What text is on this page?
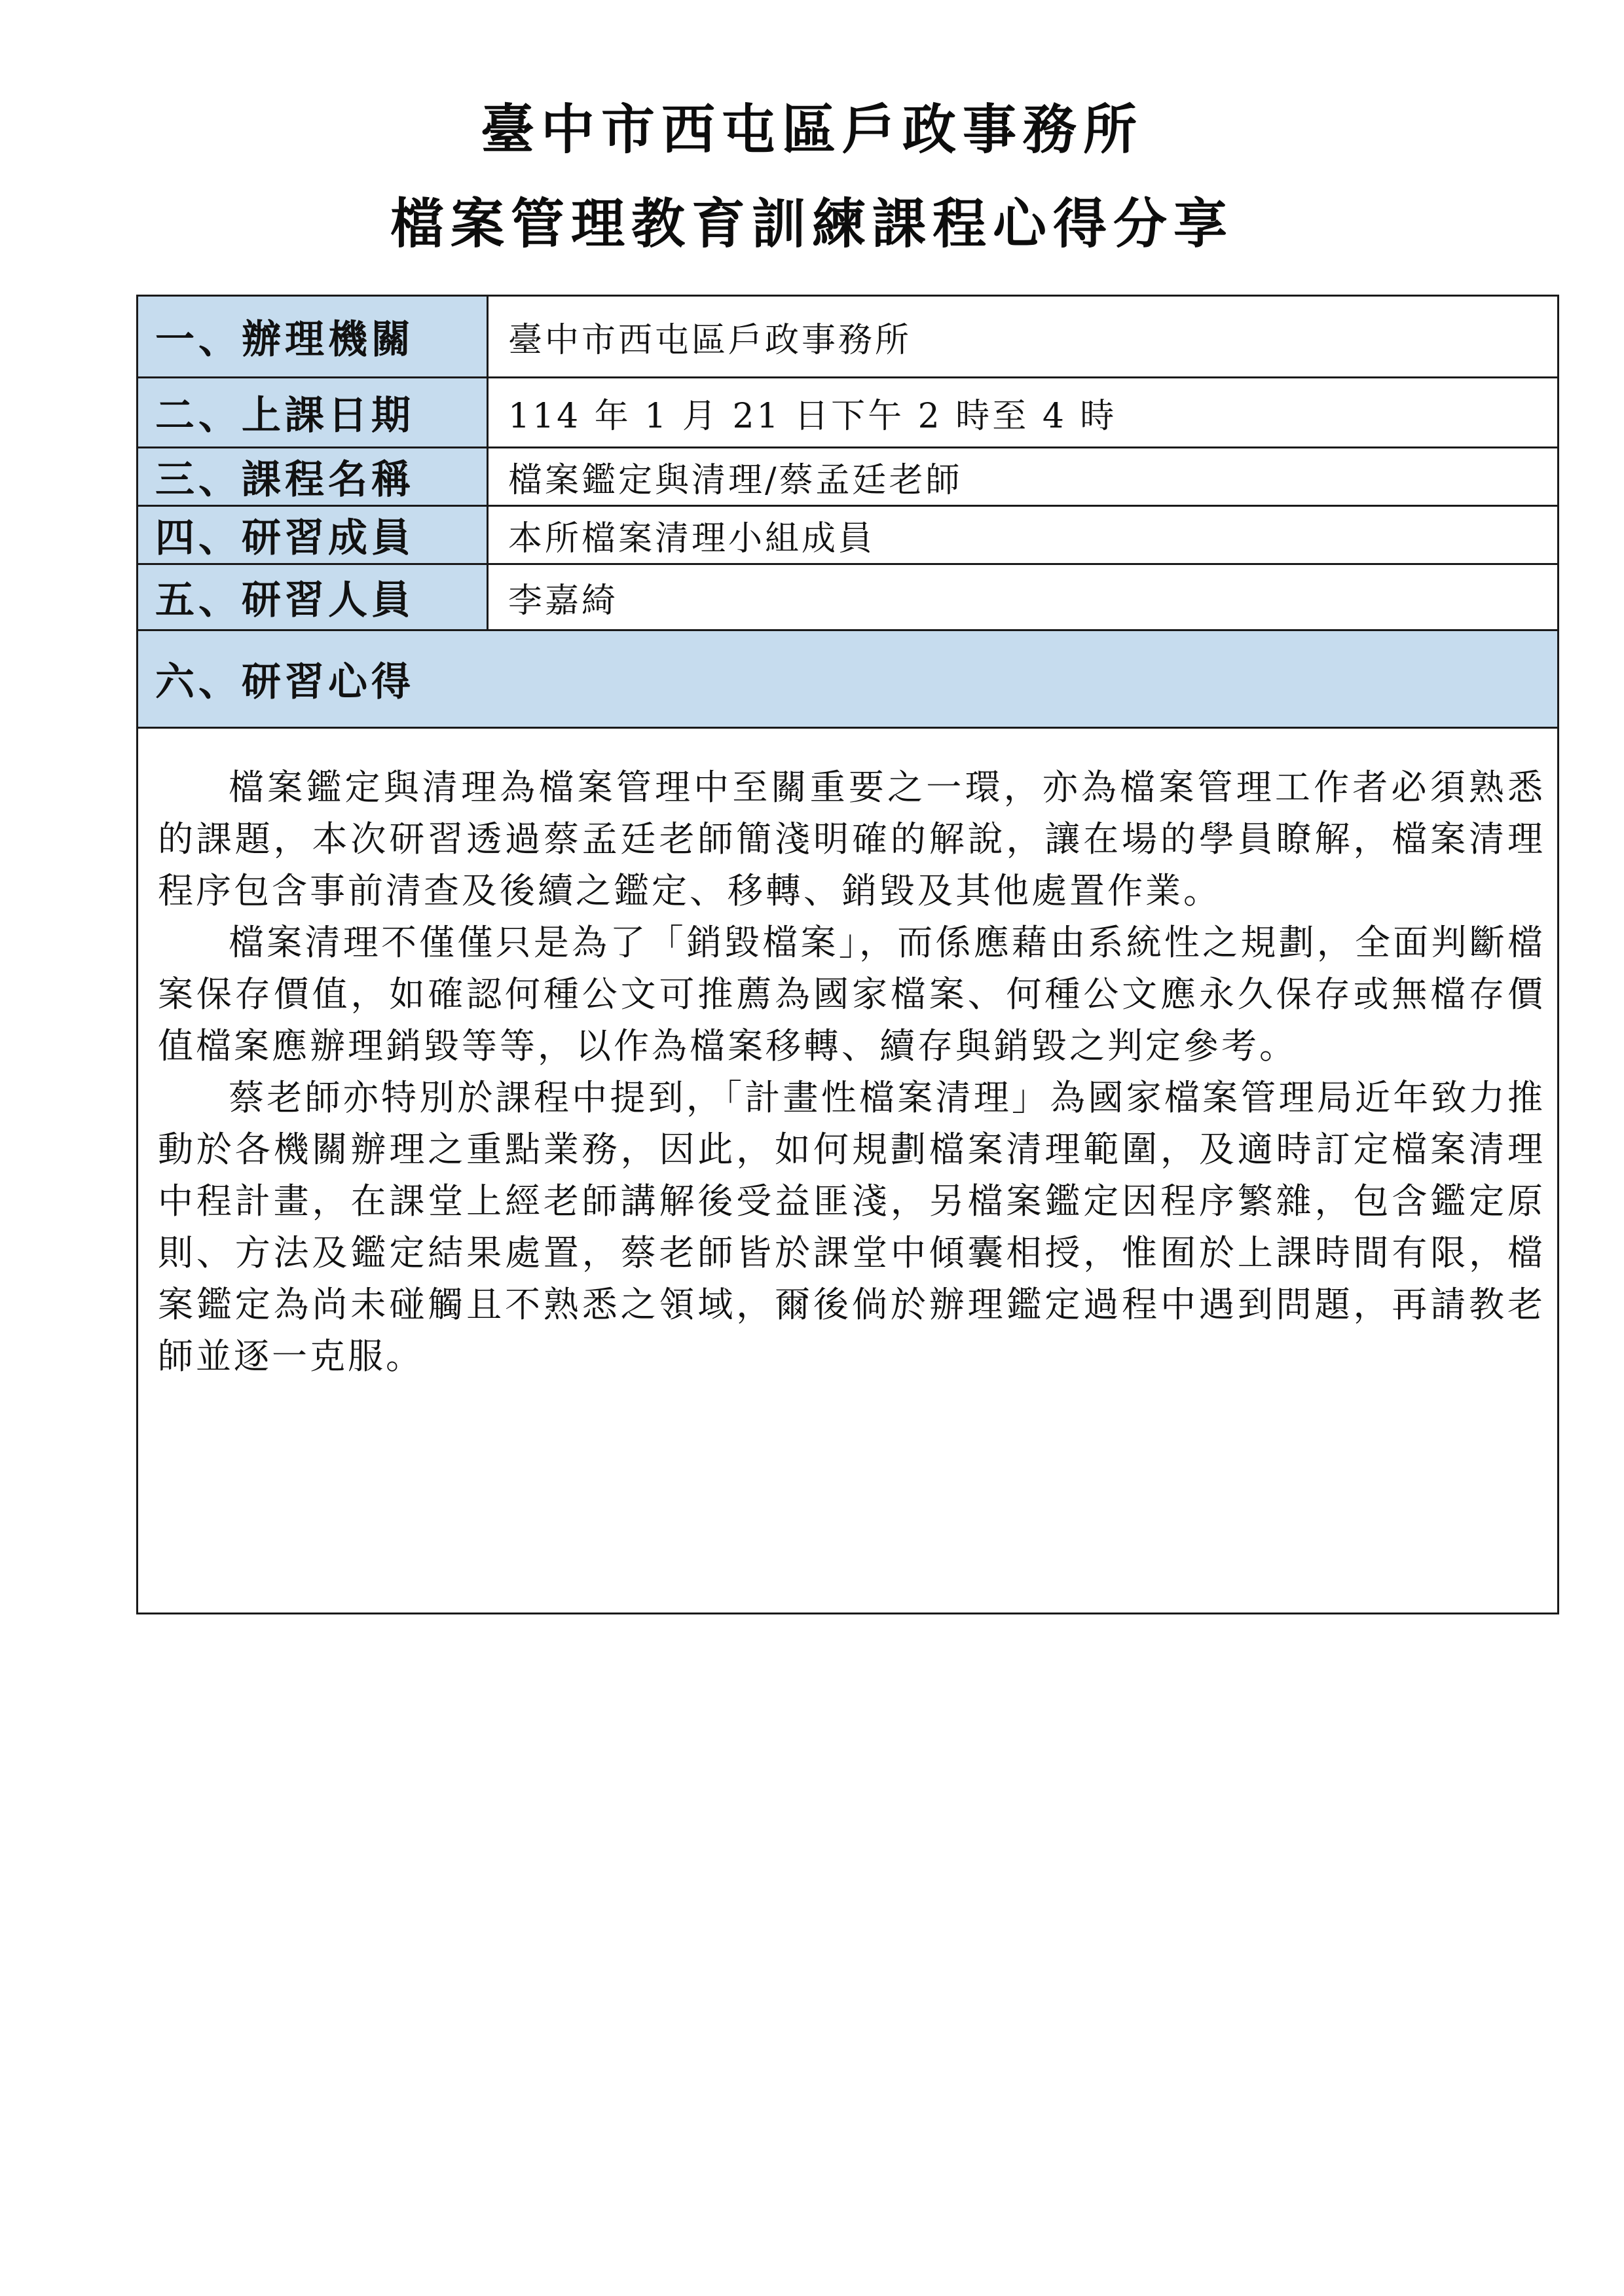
臺中市西屯區戶政事務所
檔案管理教育訓練課程心得分享
一、辦理機關	臺中市西屯區戶政事務所
二、上課日期	114 年 1 月 21 日下午 2 時至 4 時
三、課程名稱	檔案鑑定與清理/蔡孟廷老師
四、研習成員	本所檔案清理小組成員
五、研習人員	李嘉綺
六、研習心得	

檔案鑑定與清理為檔案管理中至關重要之一環，亦為檔案管理工作者必須熟悉的課題，本次研習透過蔡孟廷老師簡淺明確的解說，讓在場的學員瞭解，檔案清理程序包含事前清查及後續之鑑定、移轉、銷毀及其他處置作業。

檔案清理不僅僅只是為了「銷毀檔案」，而係應藉由系統性之規劃，全面判斷檔案保存價值，如確認何種公文可推薦為國家檔案、何種公文應永久保存或無檔存價值檔案應辦理銷毀等等，以作為檔案移轉、續存與銷毀之判定參考。

蔡老師亦特別於課程中提到，「計畫性檔案清理」為國家檔案管理局近年致力推動於各機關辦理之重點業務，因此，如何規劃檔案清理範圍，及適時訂定檔案清理中程計畫，在課堂上經老師講解後受益匪淺，另檔案鑑定因程序繁雜，包含鑑定原則、方法及鑑定結果處置，蔡老師皆於課堂中傾囊相授，惟囿於上課時間有限，檔案鑑定為尚未碰觸且不熟悉之領域，爾後倘於辦理鑑定過程中遇到問題，再請教老師並逐一克服。	
